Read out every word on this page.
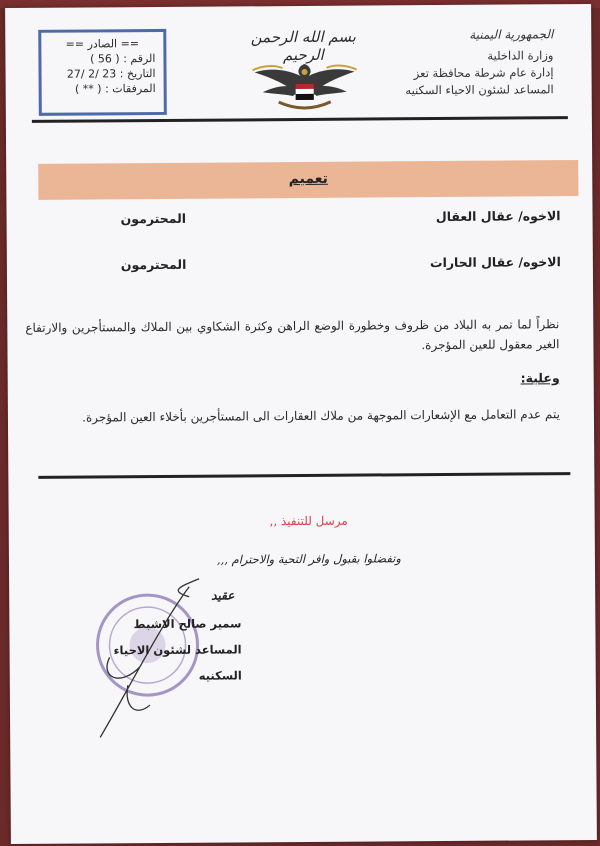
== الصادر ==
الرقم : ( 56 )
التاريخ : 27/ 2/ 23
المرفقات : ( ** )
بسم الله الرحمن الرحيم
الجمهورية اليمنية
وزارة الداخلية
إدارة عام شرطة محافظة تعز
المساعد لشئون الاحياء السكنيه
تعميم
الاخوه/ عقال العقال
المحترمون
الاخوه/ عقال الحارات
المحترمون
نظراً لما تمر به البلاد من ظروف وخطورة الوضع الراهن وكثرة الشكاوي بين الملاك والمستأجرين والارتفاع الغير معقول للعين المؤجرة.
وعلية:
يتم عدم التعامل مع الإشعارات الموجهة من ملاك العقارات الى المستأجرين بأخلاء العين المؤجرة.
مرسل للتنفيذ ,,
وتفضلوا بقبول وافر التحية والاحترام ,,,
عقيد
سمير صالح الاشبط
المساعد لشئون الاحياء السكنيه
